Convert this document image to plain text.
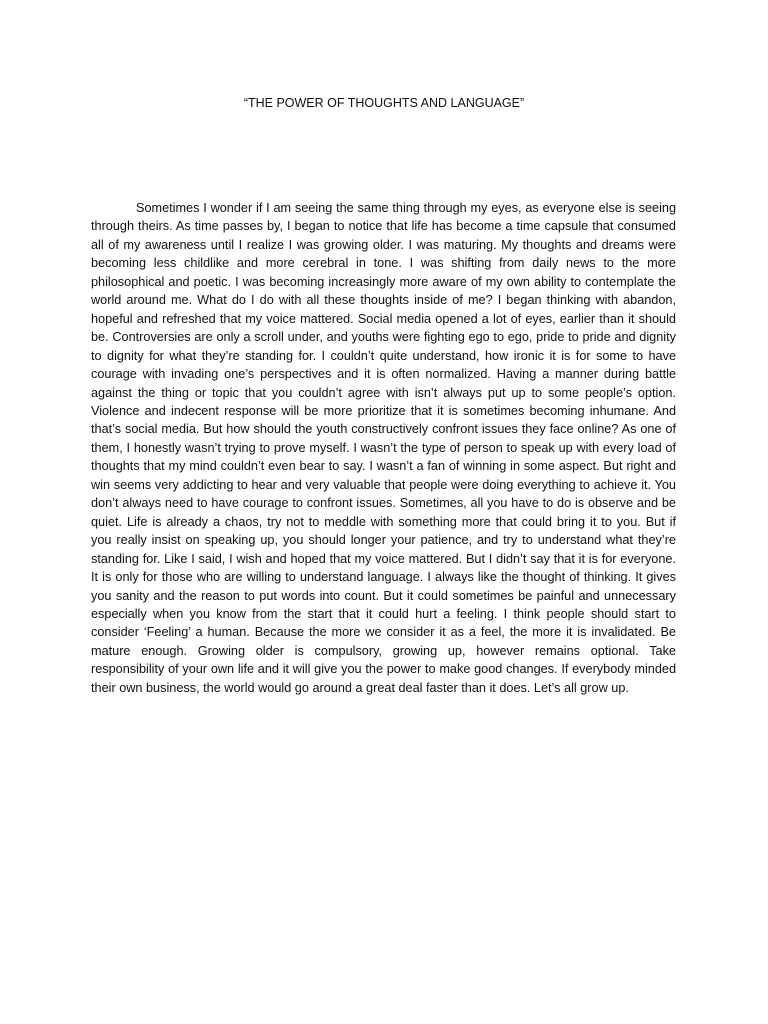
“THE POWER OF THOUGHTS AND LANGUAGE”
Sometimes I wonder if I am seeing the same thing through my eyes, as everyone else is seeing
through theirs. As time passes by, I began to notice that life has become a time capsule that consumed
all of my awareness until I realize I was growing older. I was maturing. My thoughts and dreams were
becoming less childlike and more cerebral in tone. I was shifting from daily news to the more
philosophical and poetic. I was becoming increasingly more aware of my own ability to contemplate the
world around me. What do I do with all these thoughts inside of me? I began thinking with abandon,
hopeful and refreshed that my voice mattered. Social media opened a lot of eyes, earlier than it should
be. Controversies are only a scroll under, and youths were fighting ego to ego, pride to pride and dignity
to dignity for what they’re standing for. I couldn’t quite understand, how ironic it is for some to have
courage with invading one’s perspectives and it is often normalized. Having a manner during battle
against the thing or topic that you couldn’t agree with isn’t always put up to some people’s option.
Violence and indecent response will be more prioritize that it is sometimes becoming inhumane. And
that’s social media. But how should the youth constructively confront issues they face online? As one of
them, I honestly wasn’t trying to prove myself. I wasn’t the type of person to speak up with every load of
thoughts that my mind couldn’t even bear to say. I wasn’t a fan of winning in some aspect. But right and
win seems very addicting to hear and very valuable that people were doing everything to achieve it. You
don’t always need to have courage to confront issues. Sometimes, all you have to do is observe and be
quiet. Life is already a chaos, try not to meddle with something more that could bring it to you. But if
you really insist on speaking up, you should longer your patience, and try to understand what they’re
standing for. Like I said, I wish and hoped that my voice mattered. But I didn’t say that it is for everyone.
It is only for those who are willing to understand language. I always like the thought of thinking. It gives
you sanity and the reason to put words into count. But it could sometimes be painful and unnecessary
especially when you know from the start that it could hurt a feeling. I think people should start to
consider ‘Feeling’ a human. Because the more we consider it as a feel, the more it is invalidated. Be
mature enough. Growing older is compulsory, growing up, however remains optional. Take
responsibility of your own life and it will give you the power to make good changes. If everybody minded
their own business, the world would go around a great deal faster than it does. Let’s all grow up.
